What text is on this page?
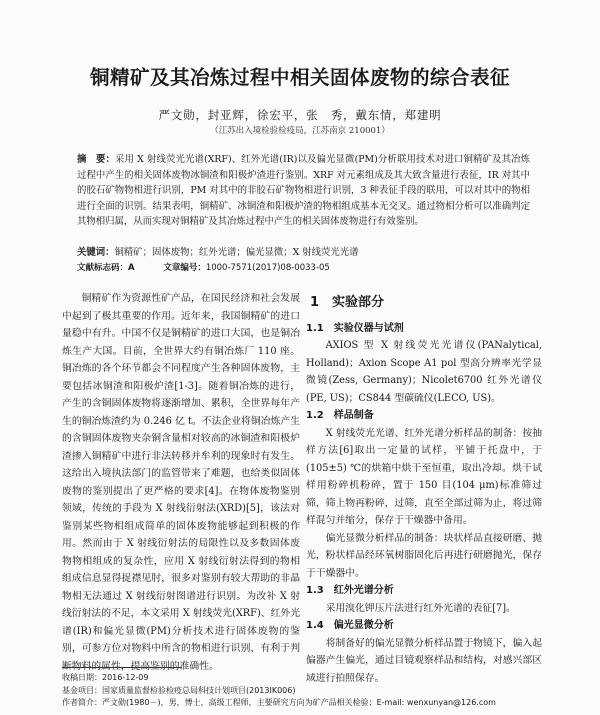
铜精矿及其冶炼过程中相关固体废物的综合表征
严文勋，封亚辉，徐宏平，张　秀，戴东情，郑建明
（江苏出入境检验检疫局，江苏南京 210001）
摘　要：采用 X 射线荧光光谱(XRF)、红外光谱(IR)以及偏光显微(PM)分析联用技术对进口铜精矿及其冶炼过程中产生的相关固体废物冰铜渣和阳极炉渣进行鉴别。XRF 对元素组成及其大致含量进行表征，IR 对其中的胶石矿物物相进行识别，PM 对其中的非胶石矿物物相进行识别，3 种表征手段的联用，可以对其中的物相进行全面的识别。结果表明，铜精矿、冰铜渣和阳极炉渣的物相组成基本无交叉。通过物相分析可以准确判定其物相归属，从而实现对铜精矿及其冶炼过程中产生的相关固体废物进行有效鉴别。
关键词：铜精矿；固体废物；红外光谱；偏光显微；X 射线荧光光谱
文献标志码：A	文章编号：1000-7571(2017)08-0033-05

铜精矿作为资源性矿产品，在国民经济和社会发展中起到了极其重要的作用。近年来，我国铜精矿的进口量稳中有升。中国不仅是铜精矿的进口大国，也是铜冶炼生产大国。目前，全世界大约有铜冶炼厂 110 座。铜冶炼的各个环节都会不同程度产生各种固体废物，主要包括冰铜渣和阳极炉渣[1-3]。随着铜冶炼的进行，产生的含铜固体废物将逐渐增加、累积，全世界每年产生的铜冶炼渣约为 0.246 亿 t。不法企业将铜冶炼产生的含铜固体废物夹杂铜含量相对较高的冰铜渣和阳极炉渣掺入铜精矿中进行非法转移并牟利的现象时有发生。这给出入境执法部门的监管带来了难题，也给类似固体废物的鉴别提出了更严格的要求[4]。在物体废物鉴别领域，传统的手段为 X 射线衍射法(XRD)[5]，该法对鉴别某些物相组成简单的固体废物能够起到积极的作用。然而由于 X 射线衍射法的局限性以及多数固体废物物相组成的复杂性，应用 X 射线衍射法得到的物相组成信息显得捉襟见肘，很多对鉴别有较大帮助的非晶物相无法通过 X 射线衍射图谱进行识别。为改补 X 射线衍射法的不足，本文采用 X 射线荧光(XRF)、红外光谱(IR)和偏光显微(PM)分析技术进行固体废物的鉴别，可参方位对物料中所含的物相进行识别，有利于判断物料的属性，提高鉴别的准确性。

1　实验部分

1.1　实验仪器与试剂

AXIOS 型 X 射线荧光光谱仪(PANalytical, Holland)；Axion Scope A1 pol 型高分辨率光学显微镜(Zess, Germany)；Nicolet6700 红外光谱仪(PE, US)；CS844 型碳硫仪(LECO, US)。

1.2　样品制备

X 射线荧光光谱、红外光谱分析样品的制备：按抽样方法[6]取出一定量的试样，平铺于托盘中，于(105±5) ℃的烘箱中烘干至恒重，取出冷却。烘干试样用粉碎机粉碎，置于 150 目(104 μm)标准筛过筛，筛上物再粉碎，过筛，直至全部过筛为止，将过筛样混匀并缩分，保存于干燥器中备用。

偏光显微分析样品的制备：块状样品直接研磨、抛光，粉状样品经环氧树脂固化后再进行研磨抛光，保存于干燥器中。

1.3　红外光谱分析

采用溴化钾压片法进行红外光谱的表征[7]。

1.4　偏光显微分析

将制备好的偏光显微分析样品置于物镜下，偏入起偏器产生偏光，通过目镜观察样品和结构，对感兴部区域进行拍照保存。

收稿日期：2016-12-09

基金项目：国家质量监督检验检疫总局科技计划项目(2013IK006)

作者简介：严文勋(1980－)，男，博士，高级工程师，主要研究方向为矿产品相关检验；E-mail: wenxunyan@126.com
